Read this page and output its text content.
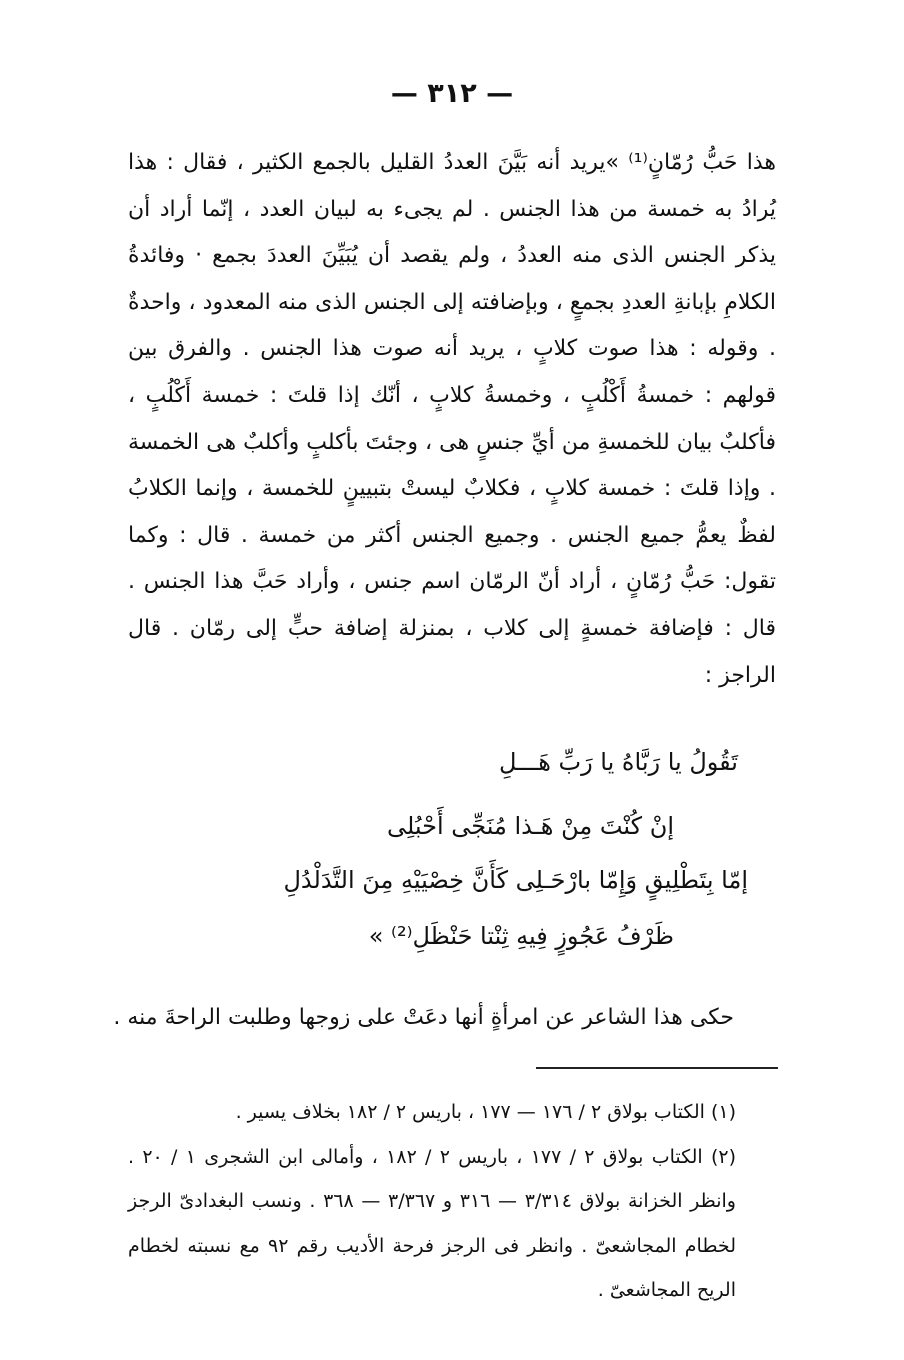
— ٣١٢ —
هذا حَبُّ رُمّانٍ⁽¹⁾ »يريد أنه بَيَّنَ العددُ القليل بالجمع الكثير ، فقال : هذا يُرادُ به خمسة من هذا الجنس . لم يجىء به لبيان العدد ، إنّما أراد أن يذكر الجنس الذى منه العددُ ، ولم يقصد أن يُبَيِّنَ العددَ بجمع · وفائدةُ الكلامِ بإبانةِ العددِ بجمعٍ ، وبإضافته إلى الجنس الذى منه المعدود ، واحدةٌ . وقوله : هذا صوت كلابٍ ، يريد أنه صوت هذا الجنس . والفرق بين قولهم : خمسةُ أَكْلُبٍ ، وخمسةُ كلابٍ ، أنّك إذا قلتَ : خمسة أَكْلُبٍ ، فأكلبٌ بيان للخمسةِ من أيِّ جنسٍ هى ، وجئتَ بأكلبٍ وأكلبٌ هى الخمسة . وإذا قلتَ : خمسة كلابٍ ، فكلابٌ ليستْ بتبيينٍ للخمسة ، وإنما الكلابُ لفظٌ يعمُّ جميع الجنس . وجميع الجنس أكثر من خمسة . قال : وكما تقول: حَبُّ رُمّانٍ ، أراد أنّ الرمّان اسم جنس ، وأراد حَبَّ هذا الجنس . قال : فإضافة خمسةٍ إلى كلاب ، بمنزلة إضافة حبٍّ إلى رمّان . قال الراجز :
تَقُولُ يا رَبَّاهُ يا رَبِّ هَـــلِ
إنْ كُنْتَ مِنْ هَـذا مُنَجِّى أَحْبُلِى
إمّا بِتَطْلِيقٍ وَإِمّا بارْحَـلِى كَأَنَّ خِصْيَيْهِ مِنَ التَّدَلْدُلِ
ظَرْفُ عَجُوزٍ فِيهِ ثِنْتا حَنْظَلِ⁽²⁾ »
حكى هذا الشاعر عن امرأةٍ أنها دعَتْ على زوجها وطلبت الراحةَ منه .
(١) الكتاب بولاق ٢ / ١٧٦ — ١٧٧ ، باريس ٢ / ١٨٢ بخلاف يسير .
(٢) الكتاب بولاق ٢ / ١٧٧ ، باريس ٢ / ١٨٢ ، وأمالى ابن الشجرى ١ / ٢٠ . وانظر الخزانة بولاق ٣/٣١٤ — ٣١٦ و ٣/٣٦٧ — ٣٦٨ . ونسب البغدادىّ الرجز لخطام المجاشعىّ . وانظر فى الرجز فرحة الأديب رقم ٩٢ مع نسبته لخطام الريح المجاشعىّ .
